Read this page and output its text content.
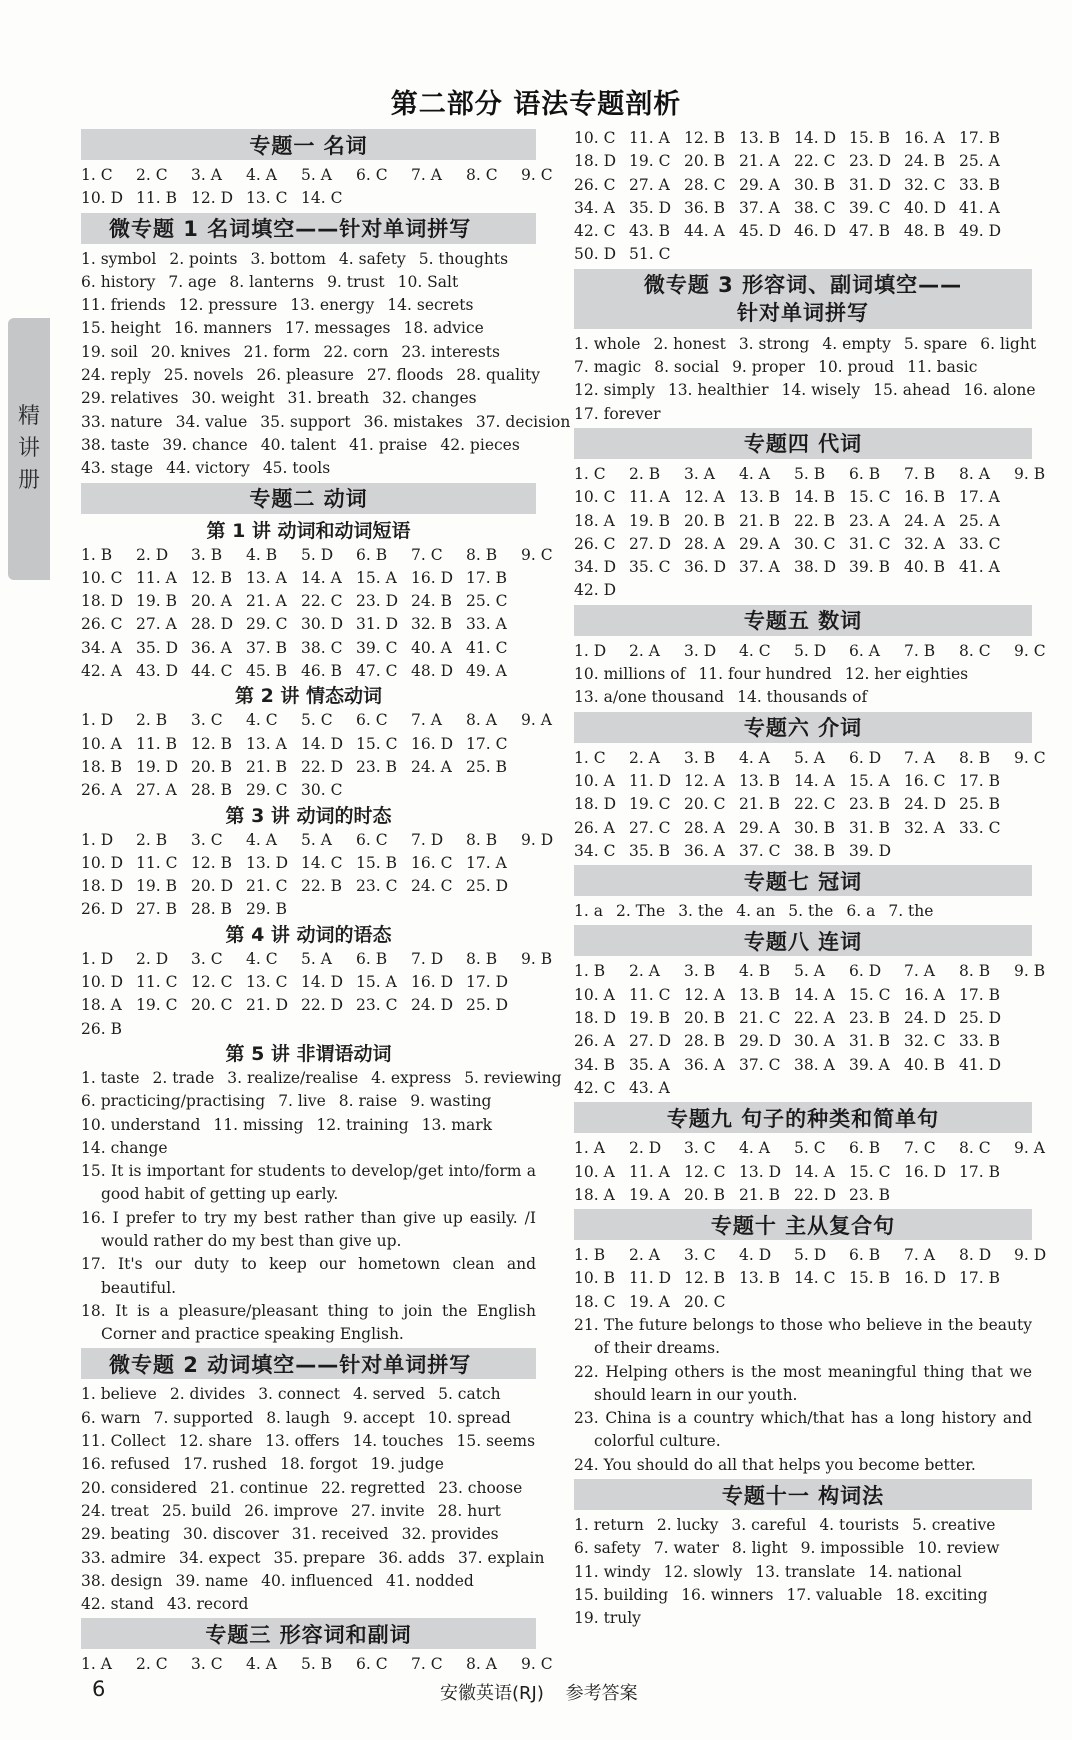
精
讲
册
第二部分 语法专题剖析
专题一 名词
1. C 2. C 3. A 4. A 5. A 6. C 7. A 8. C 9. C
10. D 11. B 12. D 13. C 14. C
微专题 1 名词填空——针对单词拼写
1. symbol 2. points 3. bottom 4. safety 5. thoughts
6. history 7. age 8. lanterns 9. trust 10. Salt
11. friends 12. pressure 13. energy 14. secrets
15. height 16. manners 17. messages 18. advice
19. soil 20. knives 21. form 22. corn 23. interests
24. reply 25. novels 26. pleasure 27. floods 28. quality
29. relatives 30. weight 31. breath 32. changes
33. nature 34. value 35. support 36. mistakes 37. decision
38. taste 39. chance 40. talent 41. praise 42. pieces
43. stage 44. victory 45. tools
专题二 动词
第 1 讲 动词和动词短语
1. B 2. D 3. B 4. B 5. D 6. B 7. C 8. B 9. C
10. C 11. A 12. B 13. A 14. A 15. A 16. D 17. B
18. D 19. B 20. A 21. A 22. C 23. D 24. B 25. C
26. C 27. A 28. D 29. C 30. D 31. D 32. B 33. A
34. A 35. D 36. A 37. B 38. C 39. C 40. A 41. C
42. A 43. D 44. C 45. B 46. B 47. C 48. D 49. A
第 2 讲 情态动词
1. D 2. B 3. C 4. C 5. C 6. C 7. A 8. A 9. A
10. A 11. B 12. B 13. A 14. D 15. C 16. D 17. C
18. B 19. D 20. B 21. B 22. D 23. B 24. A 25. B
26. A 27. A 28. B 29. C 30. C
第 3 讲 动词的时态
1. D 2. B 3. C 4. A 5. A 6. C 7. D 8. B 9. D
10. D 11. C 12. B 13. D 14. C 15. B 16. C 17. A
18. D 19. B 20. D 21. C 22. B 23. C 24. C 25. D
26. D 27. B 28. B 29. B
第 4 讲 动词的语态
1. D 2. D 3. C 4. C 5. A 6. B 7. D 8. B 9. B
10. D 11. C 12. C 13. C 14. D 15. A 16. D 17. D
18. A 19. C 20. C 21. D 22. D 23. C 24. D 25. D
26. B
第 5 讲 非谓语动词
1. taste 2. trade 3. realize/realise 4. express 5. reviewing
6. practicing/practising 7. live 8. raise 9. wasting
10. understand 11. missing 12. training 13. mark
14. change
15. It is important for students to develop/get into/form a good habit of getting up early.
16. I prefer to try my best rather than give up easily. /I would rather do my best than give up.
17. It's our duty to keep our hometown clean and beautiful.
18. It is a pleasure/pleasant thing to join the English Corner and practice speaking English.
微专题 2 动词填空——针对单词拼写
1. believe 2. divides 3. connect 4. served 5. catch
6. warn 7. supported 8. laugh 9. accept 10. spread
11. Collect 12. share 13. offers 14. touches 15. seems
16. refused 17. rushed 18. forgot 19. judge
20. considered 21. continue 22. regretted 23. choose
24. treat 25. build 26. improve 27. invite 28. hurt
29. beating 30. discover 31. received 32. provides
33. admire 34. expect 35. prepare 36. adds 37. explain
38. design 39. name 40. influenced 41. nodded
42. stand 43. record
专题三 形容词和副词
1. A 2. C 3. C 4. A 5. B 6. C 7. C 8. A 9. C
10. C 11. A 12. B 13. B 14. D 15. B 16. A 17. B
18. D 19. C 20. B 21. A 22. C 23. D 24. B 25. A
26. C 27. A 28. C 29. A 30. B 31. D 32. C 33. B
34. A 35. D 36. B 37. A 38. C 39. C 40. D 41. A
42. C 43. B 44. A 45. D 46. D 47. B 48. B 49. D
50. D 51. C
微专题 3 形容词、副词填空——
针对单词拼写
1. whole 2. honest 3. strong 4. empty 5. spare 6. light
7. magic 8. social 9. proper 10. proud 11. basic
12. simply 13. healthier 14. wisely 15. ahead 16. alone
17. forever
专题四 代词
1. C 2. B 3. A 4. A 5. B 6. B 7. B 8. A 9. B
10. C 11. A 12. A 13. B 14. B 15. C 16. B 17. A
18. A 19. B 20. B 21. B 22. B 23. A 24. A 25. A
26. C 27. D 28. A 29. A 30. C 31. C 32. A 33. C
34. D 35. C 36. D 37. A 38. D 39. B 40. B 41. A
42. D
专题五 数词
1. D 2. A 3. D 4. C 5. D 6. A 7. B 8. C 9. C
10. millions of 11. four hundred 12. her eighties
13. a/one thousand 14. thousands of
专题六 介词
1. C 2. A 3. B 4. A 5. A 6. D 7. A 8. B 9. C
10. A 11. D 12. A 13. B 14. A 15. A 16. C 17. B
18. D 19. C 20. C 21. B 22. C 23. B 24. D 25. B
26. A 27. C 28. A 29. A 30. B 31. B 32. A 33. C
34. C 35. B 36. A 37. C 38. B 39. D
专题七 冠词
1. a 2. The 3. the 4. an 5. the 6. a 7. the
专题八 连词
1. B 2. A 3. B 4. B 5. A 6. D 7. A 8. B 9. B
10. A 11. C 12. A 13. B 14. A 15. C 16. A 17. B
18. D 19. B 20. B 21. C 22. A 23. B 24. D 25. D
26. A 27. D 28. B 29. D 30. A 31. B 32. C 33. B
34. B 35. A 36. A 37. C 38. A 39. A 40. B 41. D
42. C 43. A
专题九 句子的种类和简单句
1. A 2. D 3. C 4. A 5. C 6. B 7. C 8. C 9. A
10. A 11. A 12. C 13. D 14. A 15. C 16. D 17. B
18. A 19. A 20. B 21. B 22. D 23. B
专题十 主从复合句
1. B 2. A 3. C 4. D 5. D 6. B 7. A 8. D 9. D
10. B 11. D 12. B 13. B 14. C 15. B 16. D 17. B
18. C 19. A 20. C
21. The future belongs to those who believe in the beauty of their dreams.
22. Helping others is the most meaningful thing that we should learn in our youth.
23. China is a country which/that has a long history and colorful culture.
24. You should do all that helps you become better.
专题十一 构词法
1. return 2. lucky 3. careful 4. tourists 5. creative
6. safety 7. water 8. light 9. impossible 10. review
11. windy 12. slowly 13. translate 14. national
15. building 16. winners 17. valuable 18. exciting
19. truly
6	安徽英语(RJ) 参考答案
